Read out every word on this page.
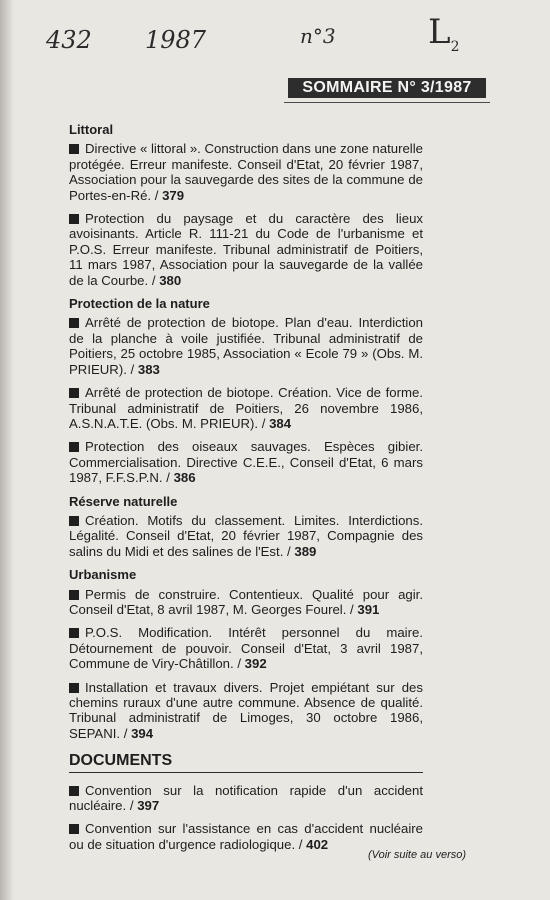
432 1987	n°3	$L_2$
SOMMAIRE N° 3/1987
Littoral

Directive « littoral ». Construction dans une zone naturelle protégée. Erreur manifeste. Conseil d'Etat, 20 février 1987, Association pour la sauvegarde des sites de la commune de Portes-en-Ré. / 379

Protection du paysage et du caractère des lieux avoisinants. Article R. 111-21 du Code de l'urbanisme et P.O.S. Erreur manifeste. Tribunal administratif de Poitiers, 11 mars 1987, Association pour la sauvegarde de la vallée de la Courbe. / 380

Protection de la nature

Arrêté de protection de biotope. Plan d'eau. Interdiction de la planche à voile justifiée. Tribunal administratif de Poitiers, 25 octobre 1985, Association « Ecole 79 » (Obs. M. PRIEUR). / 383

Arrêté de protection de biotope. Création. Vice de forme. Tribunal administratif de Poitiers, 26 novembre 1986, A.S.N.A.T.E. (Obs. M. PRIEUR). / 384

Protection des oiseaux sauvages. Espèces gibier. Commercialisation. Directive C.E.E., Conseil d'Etat, 6 mars 1987, F.F.S.P.N. / 386

Réserve naturelle

Création. Motifs du classement. Limites. Interdictions. Légalité. Conseil d'Etat, 20 février 1987, Compagnie des salins du Midi et des salines de l'Est. / 389

Urbanisme

Permis de construire. Contentieux. Qualité pour agir. Conseil d'Etat, 8 avril 1987, M. Georges Fourel. / 391

P.O.S. Modification. Intérêt personnel du maire. Détournement de pouvoir. Conseil d'Etat, 3 avril 1987, Commune de Viry-Châtillon. / 392

Installation et travaux divers. Projet empiétant sur des chemins ruraux d'une autre commune. Absence de qualité. Tribunal administratif de Limoges, 30 octobre 1986, SEPANI. / 394

DOCUMENTS

Convention sur la notification rapide d'un accident nucléaire. / 397

Convention sur l'assistance en cas d'accident nucléaire ou de situation d'urgence radiologique. / 402

(Voir suite au verso)
